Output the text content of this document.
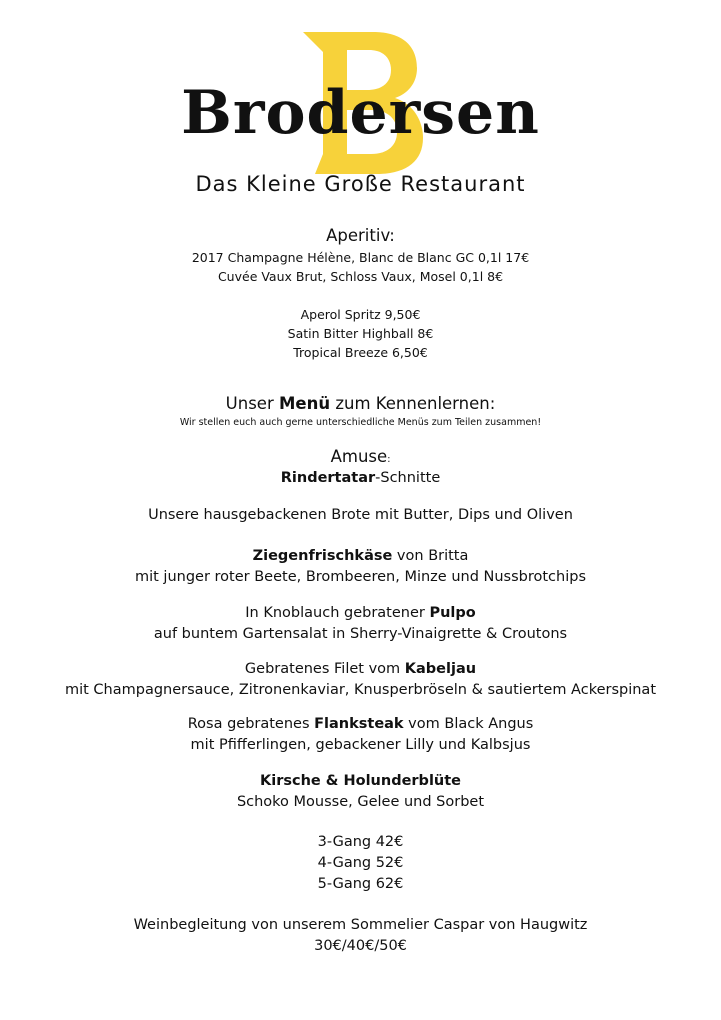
Brodersen
Das Kleine Große Restaurant
Aperitiv:
2017 Champagne Hélène, Blanc de Blanc GC 0,1l 17€
Cuvée Vaux Brut, Schloss Vaux, Mosel 0,1l 8€
Aperol Spritz 9,50€
Satin Bitter Highball 8€
Tropical Breeze 6,50€
Unser Menü zum Kennenlernen:
Wir stellen euch auch gerne unterschiedliche Menüs zum Teilen zusammen!
Amuse:
Rindertatar-Schnitte
Unsere hausgebackenen Brote mit Butter, Dips und Oliven
Ziegenfrischkäse von Britta
mit junger roter Beete, Brombeeren, Minze und Nussbrotchips
In Knoblauch gebratener Pulpo
auf buntem Gartensalat in Sherry-Vinaigrette & Croutons
Gebratenes Filet vom Kabeljau
mit Champagnersauce, Zitronenkaviar, Knusperbröseln & sautiertem Ackerspinat
Rosa gebratenes Flanksteak vom Black Angus
mit Pfifferlingen, gebackener Lilly und Kalbsjus
Kirsche & Holunderblüte
Schoko Mousse, Gelee und Sorbet
3-Gang 42€
4-Gang 52€
5-Gang 62€
Weinbegleitung von unserem Sommelier Caspar von Haugwitz
30€/40€/50€
